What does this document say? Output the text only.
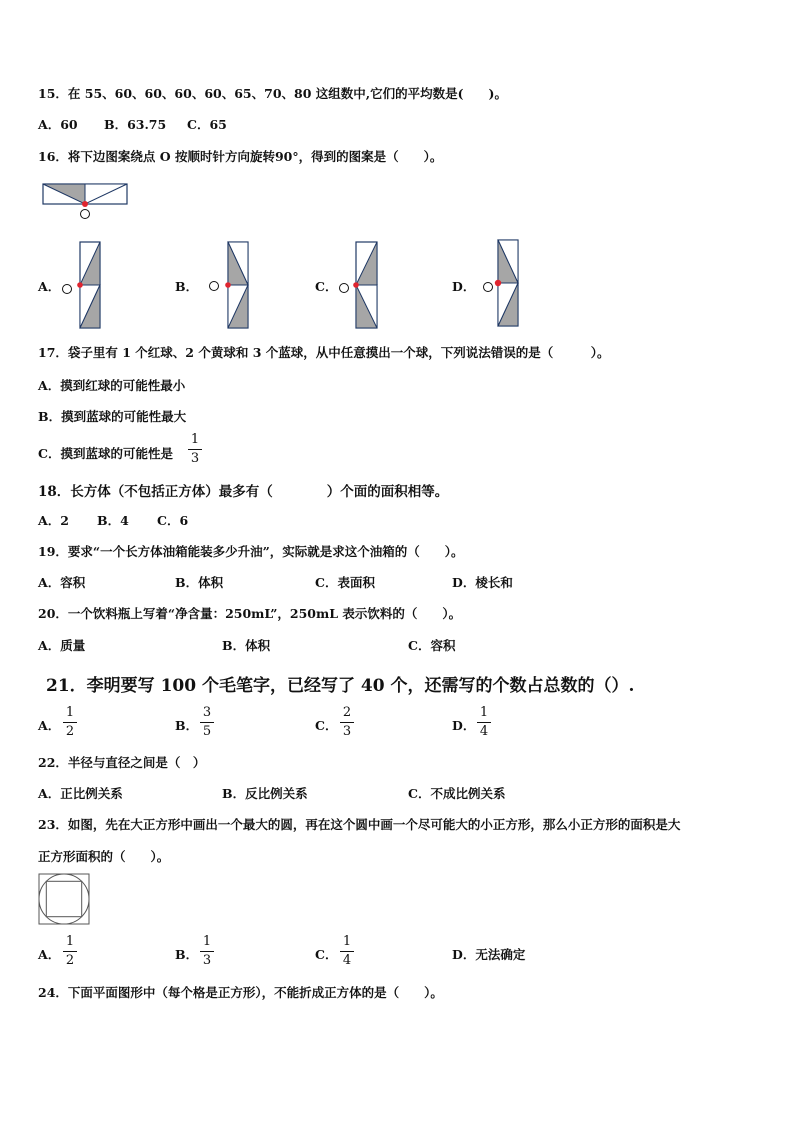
15．在 55、60、60、60、60、65、70、80 这组数中,它们的平均数是(　　)。
A．60 B．63.75 C．65
16．将下边图案绕点 O 按顺时针方向旋转90°，得到的图案是（　　）。
A．	B．	C．	D．
17．袋子里有 1 个红球、2 个黄球和 3 个蓝球，从中任意摸出一个球，下列说法错误的是（　　　）。
A．摸到红球的可能性最小
B．摸到蓝球的可能性最大
C．摸到蓝球的可能性是
1
3
18．长方体（不包括正方体）最多有（　　　　）个面的面积相等。
A．2 B．4 C．6
19．要求“一个长方体油箱能装多少升油”，实际就是求这个油箱的（　　）。
A．容积	B．体积	C．表面积	D．棱长和
20．一个饮料瓶上写着“净含量：250mL”，250mL 表示饮料的（　　）。
A．质量	B．体积	C．容积
21．李明要写 100 个毛笔字，已经写了 40 个，还需写的个数占总数的（）.
A．
1
2	B．
3
5	C．
2
3	D．
1
4
22．半径与直径之间是（　）
A．正比例关系	B．反比例关系	C．不成比例关系
23．如图，先在大正方形中画出一个最大的圆，再在这个圆中画一个尽可能大的小正方形，那么小正方形的面积是大
正方形面积的（　　）。
A．
1
2	B．
1
3	C．
1
4	D．无法确定
24．下面平面图形中（每个格是正方形），不能折成正方体的是（　　）。
